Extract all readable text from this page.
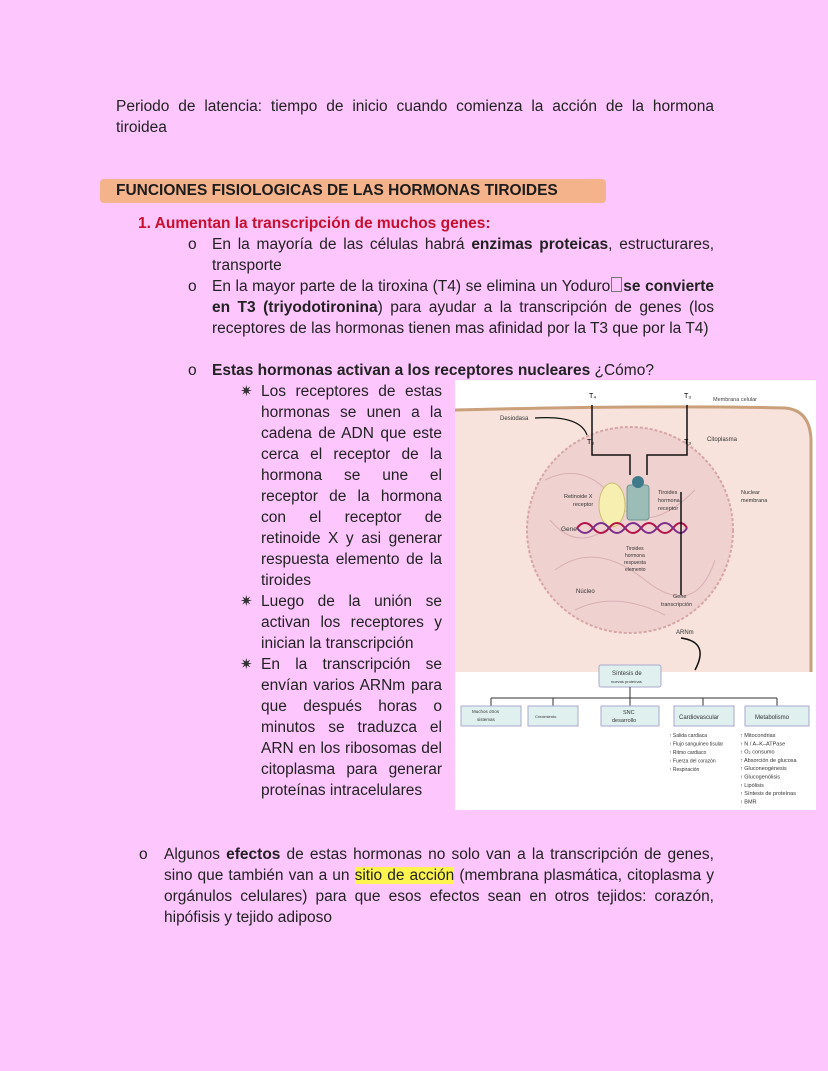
Periodo de latencia: tiempo de inicio cuando comienza la acción de la hormona tiroidea
FUNCIONES FISIOLOGICAS DE LAS HORMONAS TIROIDES
1. Aumentan la transcripción de muchos genes:
o En la mayoría de las células habrá enzimas proteicas, estructurares, transporte
o En la mayor parte de la tiroxina (T4) se elimina un Yoduro se convierte en T3 (triyodotironina) para ayudar a la transcripción de genes (los receptores de las hormonas tienen mas afinidad por la T3 que por la T4)
o Estas hormonas activan a los receptores nucleares ¿Cómo?
✷ Los receptores de estas hormonas se unen a la cadena de ADN que este cerca el receptor de la hormona se une el receptor de la hormona con el receptor de retinoide X y asi generar respuesta elemento de la tiroides
✷ Luego de la unión se activan los receptores y inician la transcripción
✷ En la transcripción se envían varios ARNm para que después horas o minutos se traduzca el ARN en los ribosomas del citoplasma para generar proteínas intracelulares
T₄	T₃	Membrana celular
Desiodasa
T₃	T₃	Citoplasma
Retinoide X
receptor
Tiroides
hormona
receptor
Nuclear
membrana
Gene
Tiroides
hormona
respuesta
elemento
Núcleo
Gene
transcripción
ARNm
Síntesis de
nuevas proteínas
Muchos otros
sistemas
Crecimiento
SNC
desarrollo	Cardiovascular	Metabolismo
↑ Salida cardiaca
↑ Flujo sanguíneo tisular
↑ Ritmo cardiaco
↑ Fuerza del corazón
↑ Respiración
↑ Mitocondrias
↑ N / A–K–ATPase
↑ O₂ consumo
↑ Absorción de glucosa
↑ Gluconeogénesis
↑ Glucogenólisis
↑ Lipólisis
↑ Síntesis de proteínas
↑ BMR
o Algunos efectos de estas hormonas no solo van a la transcripción de genes, sino que también van a un sitio de acción (membrana plasmática, citoplasma y orgánulos celulares) para que esos efectos sean en otros tejidos: corazón, hipófisis y tejido adiposo
